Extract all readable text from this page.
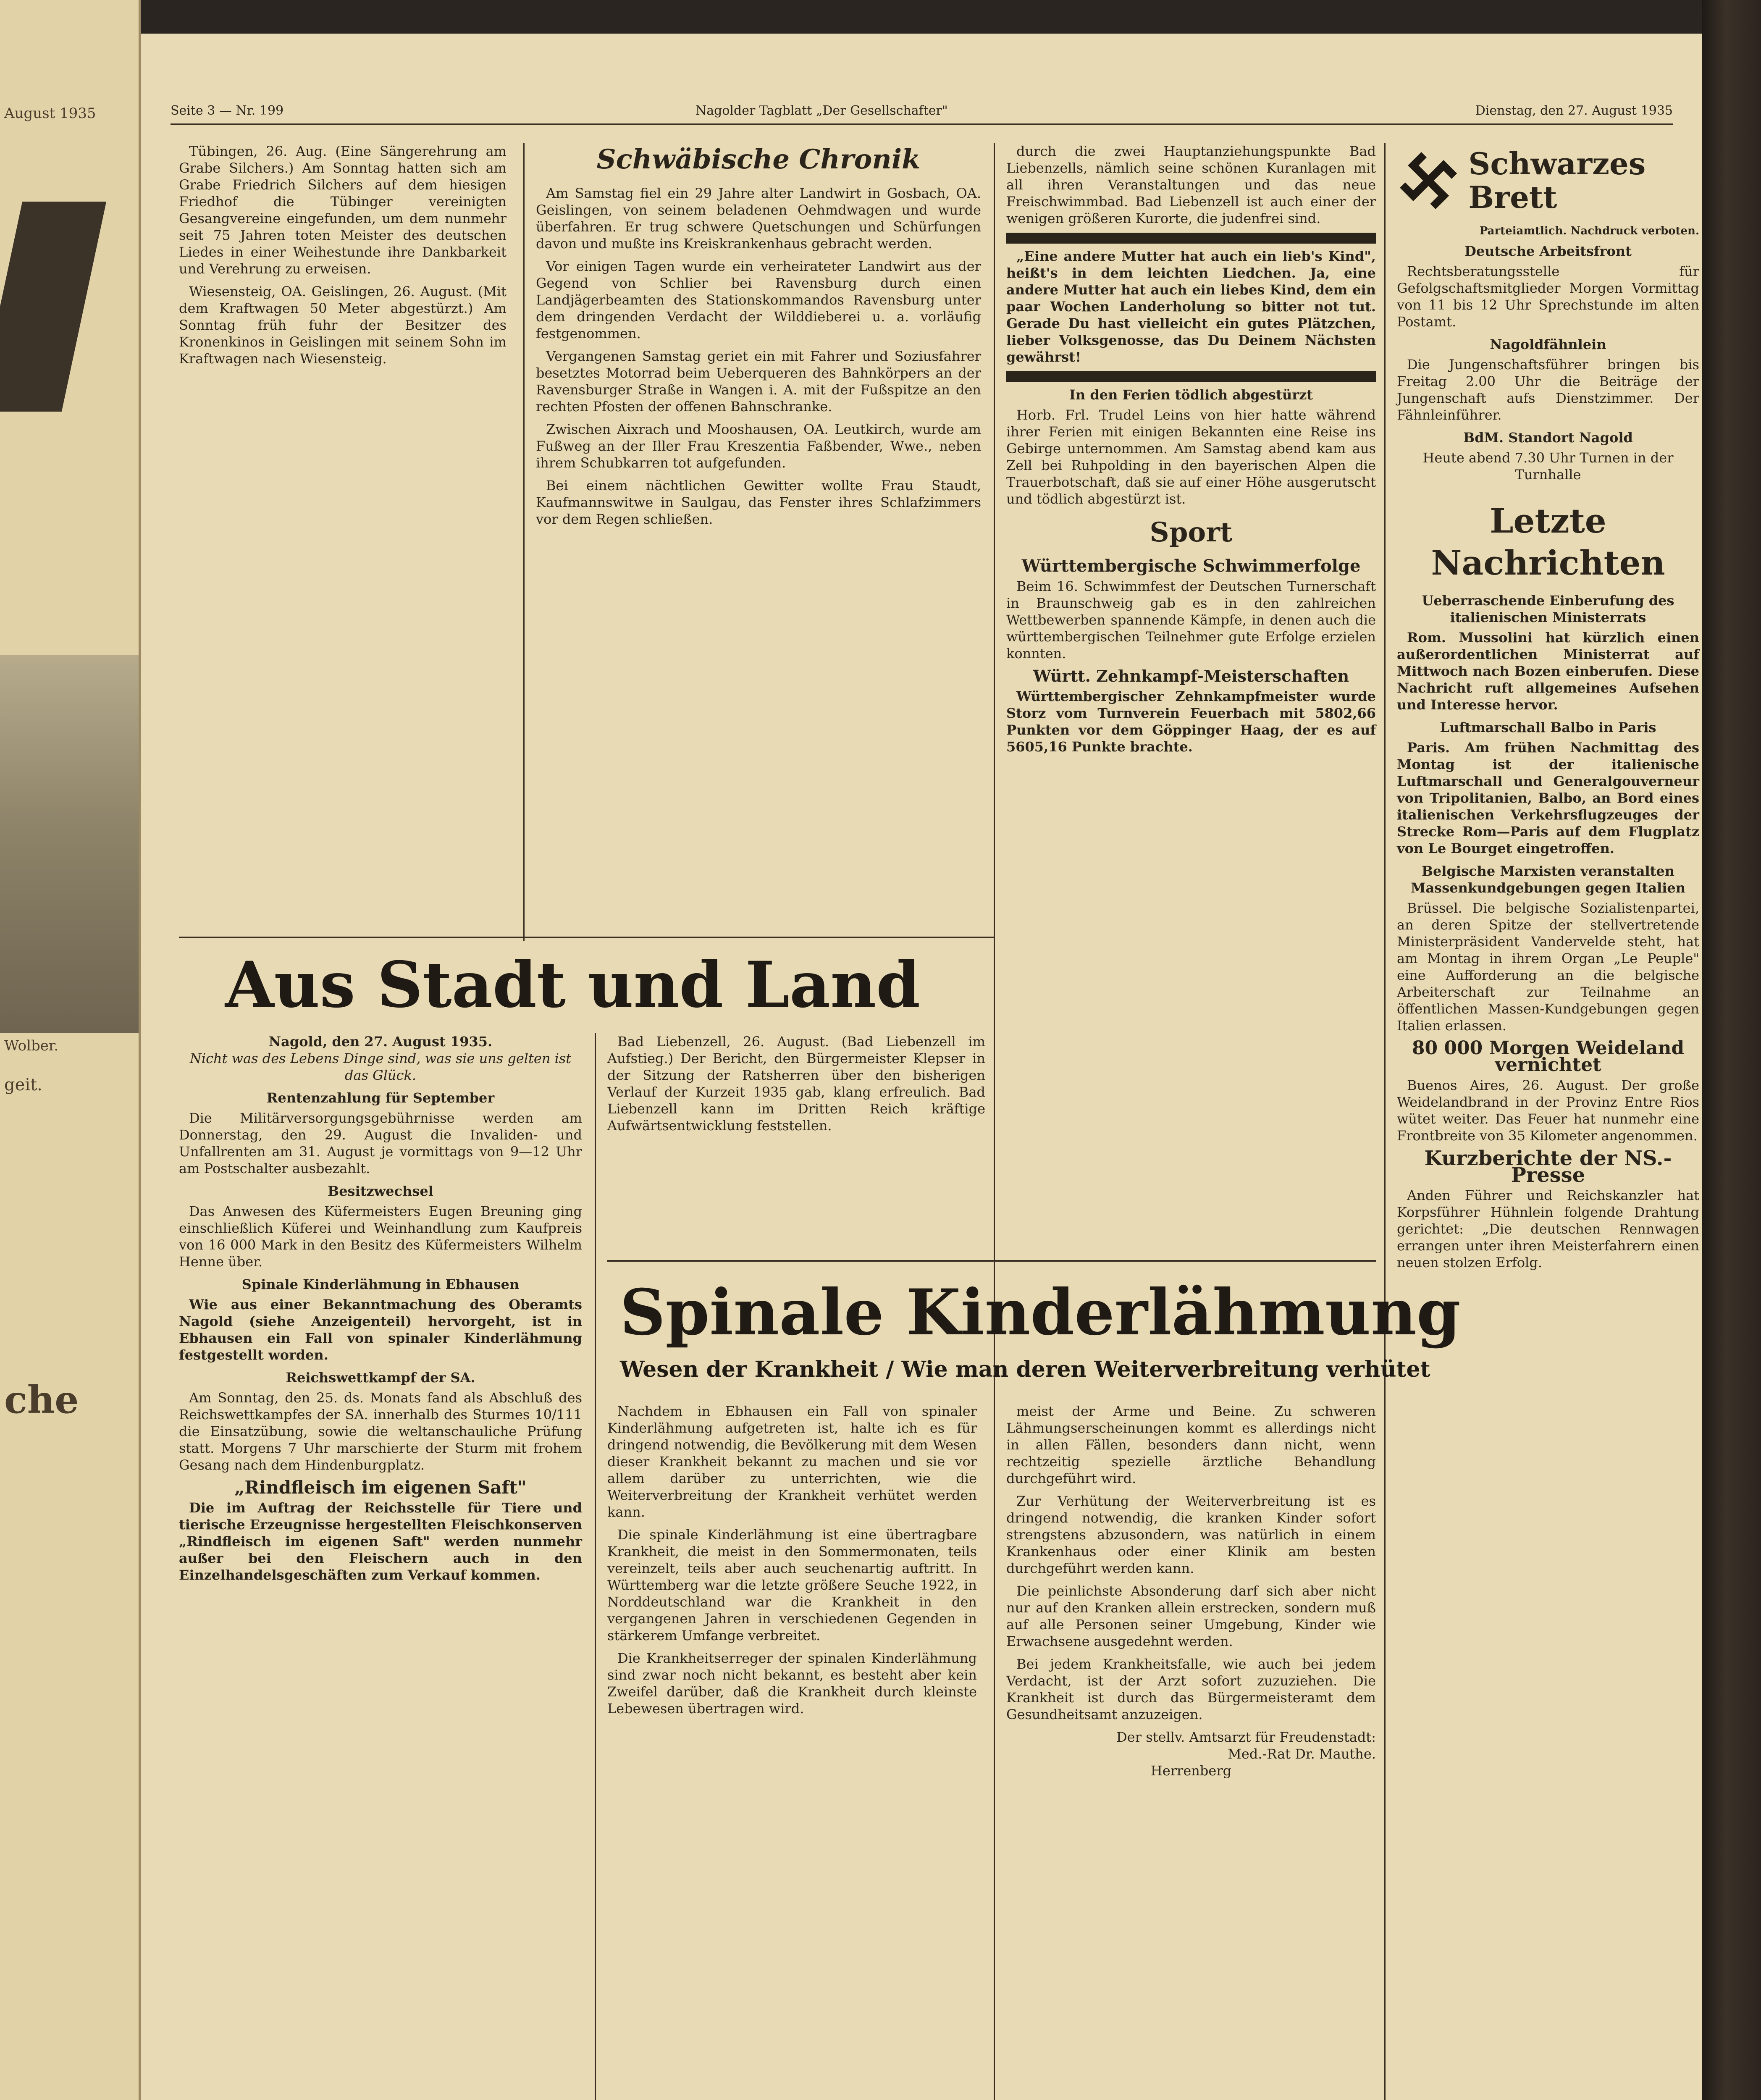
August 1935
Wolber.
geit.
che
Seite 3 — Nr. 199	Nagolder Tagblatt „Der Gesellschafter"	Dienstag, den 27. August 1935

Tübingen, 26. Aug. (Eine Sängerehrung am Grabe Silchers.) Am Sonntag hatten sich am Grabe Friedrich Silchers auf dem hiesigen Friedhof die Tübinger vereinigten Gesangvereine eingefunden, um dem nunmehr seit 75 Jahren toten Meister des deutschen Liedes in einer Weihestunde ihre Dankbarkeit und Verehrung zu erweisen.

Wiesensteig, OA. Geislingen, 26. August. (Mit dem Kraftwagen 50 Meter abgestürzt.) Am Sonntag früh fuhr der Besitzer des Kronenkinos in Geislingen mit seinem Sohn im Kraftwagen nach Wiesensteig.

Schwäbische Chronik

Am Samstag fiel ein 29 Jahre alter Landwirt in Gosbach, OA. Geislingen, von seinem beladenen Oehmdwagen und wurde überfahren. Er trug schwere Quetschungen und Schürfungen davon und mußte ins Kreiskrankenhaus gebracht werden.

Vor einigen Tagen wurde ein verheirateter Landwirt aus der Gegend von Schlier bei Ravensburg durch einen Landjägerbeamten des Stationskommandos Ravensburg unter dem dringenden Verdacht der Wilddieberei u. a. vorläufig festgenommen.

Vergangenen Samstag geriet ein mit Fahrer und Soziusfahrer besetztes Motorrad beim Ueberqueren des Bahnkörpers an der Ravensburger Straße in Wangen i. A. mit der Fußspitze an den rechten Pfosten der offenen Bahnschranke.

Zwischen Aixrach und Mooshausen, OA. Leutkirch, wurde am Fußweg an der Iller Frau Kreszentia Faßbender, Wwe., neben ihrem Schubkarren tot aufgefunden.

Bei einem nächtlichen Gewitter wollte Frau Staudt, Kaufmannswitwe in Saulgau, das Fenster ihres Schlafzimmers vor dem Regen schließen.

durch die zwei Hauptanziehungspunkte Bad Liebenzells, nämlich seine schönen Kuranlagen mit all ihren Veranstaltungen und das neue Freischwimmbad. Bad Liebenzell ist auch einer der wenigen größeren Kurorte, die judenfrei sind.

„Eine andere Mutter hat auch ein lieb's Kind", heißt's in dem leichten Liedchen. Ja, eine andere Mutter hat auch ein liebes Kind, dem ein paar Wochen Landerholung so bitter not tut. Gerade Du hast vielleicht ein gutes Plätzchen, lieber Volksgenosse, das Du Deinem Nächsten gewährst!

In den Ferien tödlich abgestürzt

Horb. Frl. Trudel Leins von hier hatte während ihrer Ferien mit einigen Bekannten eine Reise ins Gebirge unternommen. Am Samstag abend kam aus Zell bei Ruhpolding in den bayerischen Alpen die Trauerbotschaft, daß sie auf einer Höhe ausgerutscht und tödlich abgestürzt ist.

Sport
Württembergische Schwimmerfolge

Beim 16. Schwimmfest der Deutschen Turnerschaft in Braunschweig gab es in den zahlreichen Wettbewerben spannende Kämpfe, in denen auch die württembergischen Teilnehmer gute Erfolge erzielen konnten.

Württ. Zehnkampf-Meisterschaften

Württembergischer Zehnkampfmeister wurde Storz vom Turnverein Feuerbach mit 5802,66 Punkten vor dem Göppinger Haag, der es auf 5605,16 Punkte brachte.

Schwarzes Brett
Parteiamtlich. Nachdruck verboten.
Deutsche Arbeitsfront

Rechtsberatungsstelle für Gefolgschaftsmitglieder Morgen Vormittag von 11 bis 12 Uhr Sprechstunde im alten Postamt.

Nagoldfähnlein

Die Jungenschaftsführer bringen bis Freitag 2.00 Uhr die Beiträge der Jungenschaft aufs Dienstzimmer. Der Fähnleinführer.

BdM. Standort Nagold

Heute abend 7.30 Uhr Turnen in der Turnhalle

Letzte Nachrichten
Ueberraschende Einberufung des italienischen Ministerrats

Rom. Mussolini hat kürzlich einen außerordentlichen Ministerrat auf Mittwoch nach Bozen einberufen. Diese Nachricht ruft allgemeines Aufsehen und Interesse hervor.

Luftmarschall Balbo in Paris

Paris. Am frühen Nachmittag des Montag ist der italienische Luftmarschall und Generalgouverneur von Tripolitanien, Balbo, an Bord eines italienischen Verkehrsflugzeuges der Strecke Rom—Paris auf dem Flugplatz von Le Bourget eingetroffen.

Belgische Marxisten veranstalten Massenkundgebungen gegen Italien

Brüssel. Die belgische Sozialistenpartei, an deren Spitze der stellvertretende Ministerpräsident Vandervelde steht, hat am Montag in ihrem Organ „Le Peuple" eine Aufforderung an die belgische Arbeiterschaft zur Teilnahme an öffentlichen Massen-Kundgebungen gegen Italien erlassen.

80 000 Morgen Weideland vernichtet

Buenos Aires, 26. August. Der große Weidelandbrand in der Provinz Entre Rios wütet weiter. Das Feuer hat nunmehr eine Frontbreite von 35 Kilometer angenommen.

Kurzberichte der NS.-Presse

Anden Führer und Reichskanzler hat Korpsführer Hühnlein folgende Drahtung gerichtet: „Die deutschen Rennwagen errangen unter ihren Meisterfahrern einen neuen stolzen Erfolg.

Aus Stadt und Land
Nagold, den 27. August 1935.
Nicht was des Lebens Dinge sind, was sie uns gelten ist das Glück.
Rentenzahlung für September

Die Militärversorgungsgebührnisse werden am Donnerstag, den 29. August die Invaliden- und Unfallrenten am 31. August je vormittags von 9—12 Uhr am Postschalter ausbezahlt.

Besitzwechsel

Das Anwesen des Küfermeisters Eugen Breuning ging einschließlich Küferei und Weinhandlung zum Kaufpreis von 16 000 Mark in den Besitz des Küfermeisters Wilhelm Henne über.

Spinale Kinderlähmung in Ebhausen

Wie aus einer Bekanntmachung des Oberamts Nagold (siehe Anzeigenteil) hervorgeht, ist in Ebhausen ein Fall von spinaler Kinderlähmung festgestellt worden.

Reichswettkampf der SA.

Am Sonntag, den 25. ds. Monats fand als Abschluß des Reichswettkampfes der SA. innerhalb des Sturmes 10/111 die Einsatzübung, sowie die weltanschauliche Prüfung statt. Morgens 7 Uhr marschierte der Sturm mit frohem Gesang nach dem Hindenburgplatz.

„Rindfleisch im eigenen Saft"

Die im Auftrag der Reichsstelle für Tiere und tierische Erzeugnisse hergestellten Fleischkonserven „Rindfleisch im eigenen Saft" werden nunmehr außer bei den Fleischern auch in den Einzelhandelsgeschäften zum Verkauf kommen.

Bad Liebenzell, 26. August. (Bad Liebenzell im Aufstieg.) Der Bericht, den Bürgermeister Klepser in der Sitzung der Ratsherren über den bisherigen Verlauf der Kurzeit 1935 gab, klang erfreulich. Bad Liebenzell kann im Dritten Reich kräftige Aufwärtsentwicklung feststellen.

Spinale Kinderlähmung
Wesen der Krankheit / Wie man deren Weiterverbreitung verhütet

Nachdem in Ebhausen ein Fall von spinaler Kinderlähmung aufgetreten ist, halte ich es für dringend notwendig, die Bevölkerung mit dem Wesen dieser Krankheit bekannt zu machen und sie vor allem darüber zu unterrichten, wie die Weiterverbreitung der Krankheit verhütet werden kann.

Die spinale Kinderlähmung ist eine übertragbare Krankheit, die meist in den Sommermonaten, teils vereinzelt, teils aber auch seuchenartig auftritt. In Württemberg war die letzte größere Seuche 1922, in Norddeutschland war die Krankheit in den vergangenen Jahren in verschiedenen Gegenden in stärkerem Umfange verbreitet.

Die Krankheitserreger der spinalen Kinderlähmung sind zwar noch nicht bekannt, es besteht aber kein Zweifel darüber, daß die Krankheit durch kleinste Lebewesen übertragen wird.

meist der Arme und Beine. Zu schweren Lähmungserscheinungen kommt es allerdings nicht in allen Fällen, besonders dann nicht, wenn rechtzeitig spezielle ärztliche Behandlung durchgeführt wird.

Zur Verhütung der Weiterverbreitung ist es dringend notwendig, die kranken Kinder sofort strengstens abzusondern, was natürlich in einem Krankenhaus oder einer Klinik am besten durchgeführt werden kann.

Die peinlichste Absonderung darf sich aber nicht nur auf den Kranken allein erstrecken, sondern muß auf alle Personen seiner Umgebung, Kinder wie Erwachsene ausgedehnt werden.

Bei jedem Krankheitsfalle, wie auch bei jedem Verdacht, ist der Arzt sofort zuzuziehen. Die Krankheit ist durch das Bürgermeisteramt dem Gesundheitsamt anzuzeigen.

Der stellv. Amtsarzt für Freudenstadt:
Med.-Rat Dr. Mauthe.
Herrenberg
